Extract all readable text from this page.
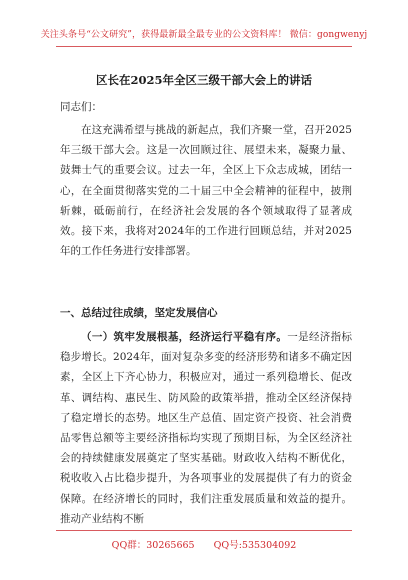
关注头条号“公文研究”，获得最新最全最专业的公文资料库！ 微信：gongwenyj
区长在2025年全区三级干部大会上的讲话
同志们：

在这充满希望与挑战的新起点，我们齐聚一堂，召开2025年三级干部大会。这是一次回顾过往、展望未来，凝聚力量、鼓舞士气的重要会议。过去一年，全区上下众志成城，团结一心，在全面贯彻落实党的二十届三中全会精神的征程中，披荆斩棘，砥砺前行，在经济社会发展的各个领域取得了显著成效。接下来，我将对2024年的工作进行回顾总结，并对2025年的工作任务进行安排部署。

一、总结过往成绩，坚定发展信心

（一）筑牢发展根基，经济运行平稳有序。一是经济指标稳步增长。2024年，面对复杂多变的经济形势和诸多不确定因素，全区上下齐心协力，积极应对，通过一系列稳增长、促改革、调结构、惠民生、防风险的政策举措，推动全区经济保持了稳定增长的态势。地区生产总值、固定资产投资、社会消费品零售总额等主要经济指标均实现了预期目标，为全区经济社会的持续健康发展奠定了坚实基础。财政收入结构不断优化，税收收入占比稳步提升，为各项事业的发展提供了有力的资金保障。在经济增长的同时，我们注重发展质量和效益的提升。推动产业结构不断

QQ群：30265665 QQ号:535304092
